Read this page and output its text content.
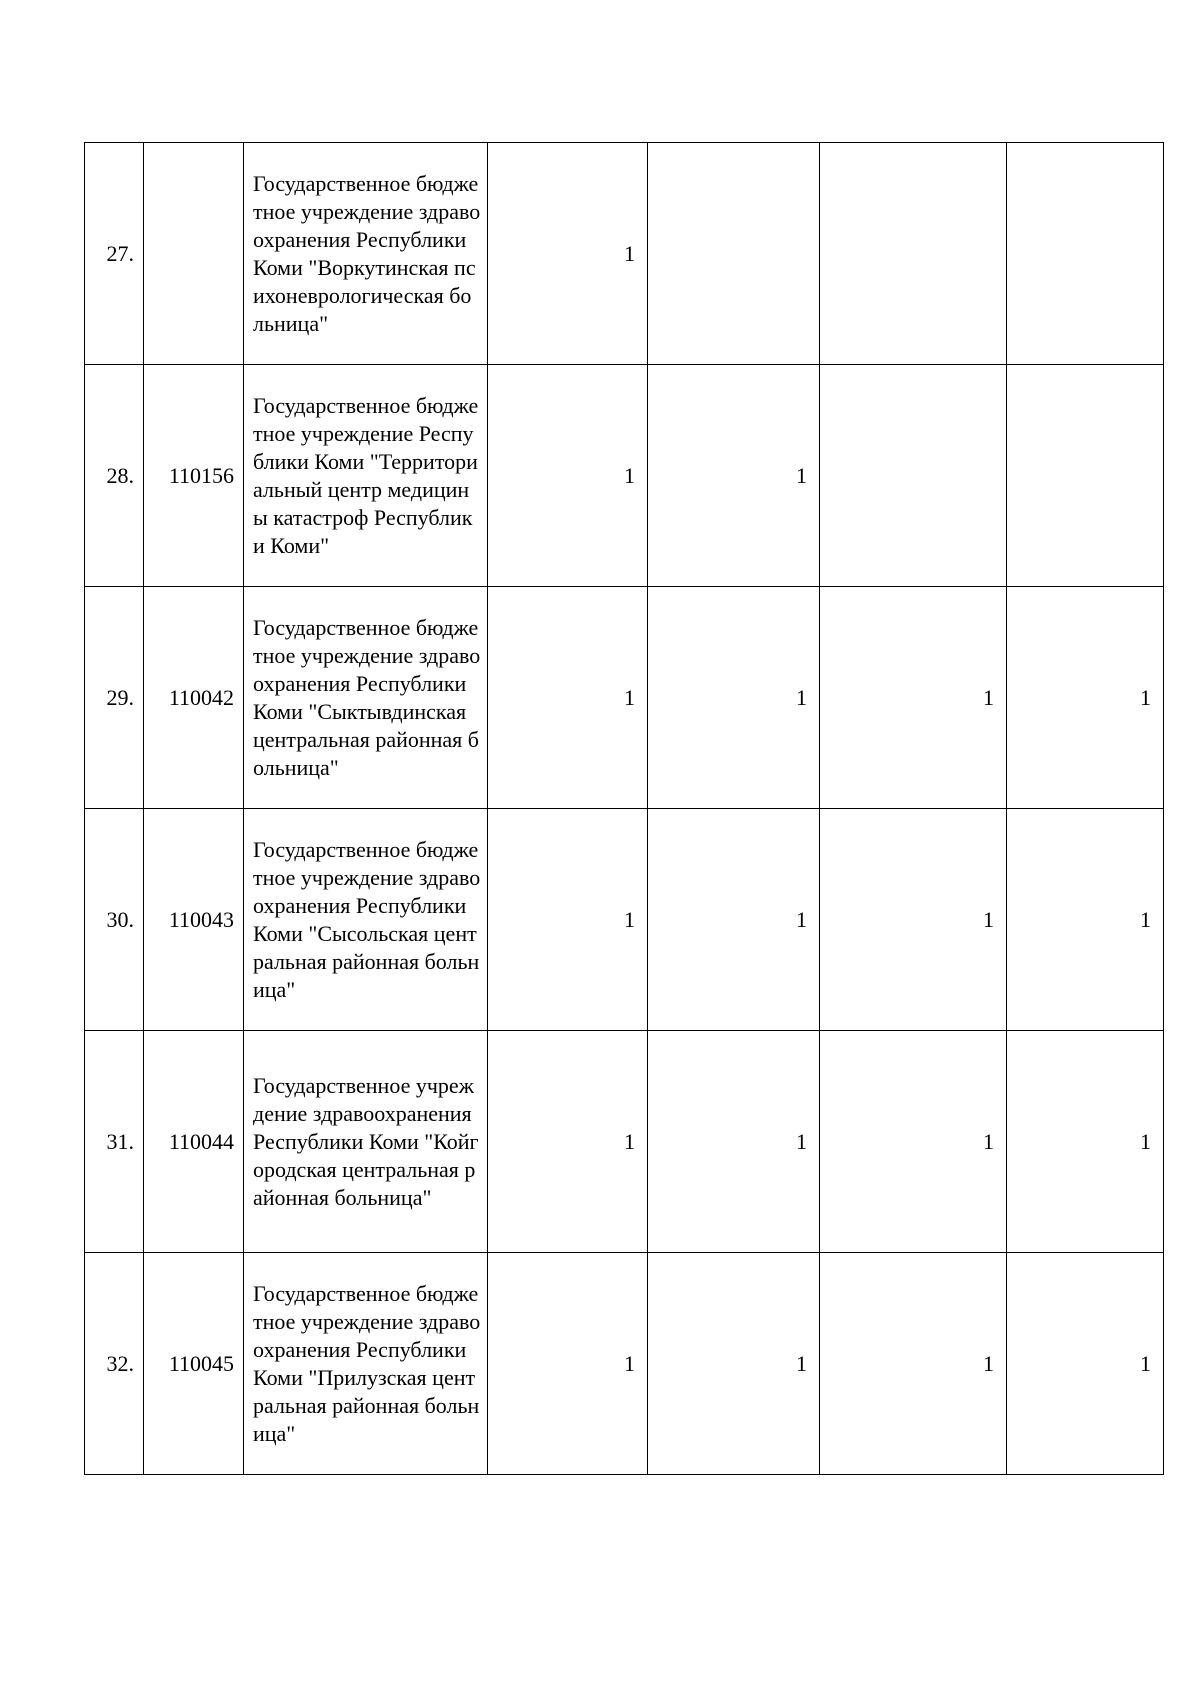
27.		Государственное бюджетное учреждение здравоохранения Республики Коми "Воркутинская психоневрологическая больница"	1			
28.	110156	Государственное бюджетное учреждение Республики Коми "Территориальный центр медицины катастроф Республики Коми"	1	1		
29.	110042	Государственное бюджетное учреждение здравоохранения Республики Коми "Сыктывдинская центральная районная больница"	1	1	1	1
30.	110043	Государственное бюджетное учреждение здравоохранения Республики Коми "Сысольская центральная районная больница"	1	1	1	1
31.	110044	Государственное учреждение здравоохранения Республики Коми "Койгородская центральная районная больница"	1	1	1	1
32.	110045	Государственное бюджетное учреждение здравоохранения Республики Коми "Прилузская центральная районная больница"	1	1	1	1
